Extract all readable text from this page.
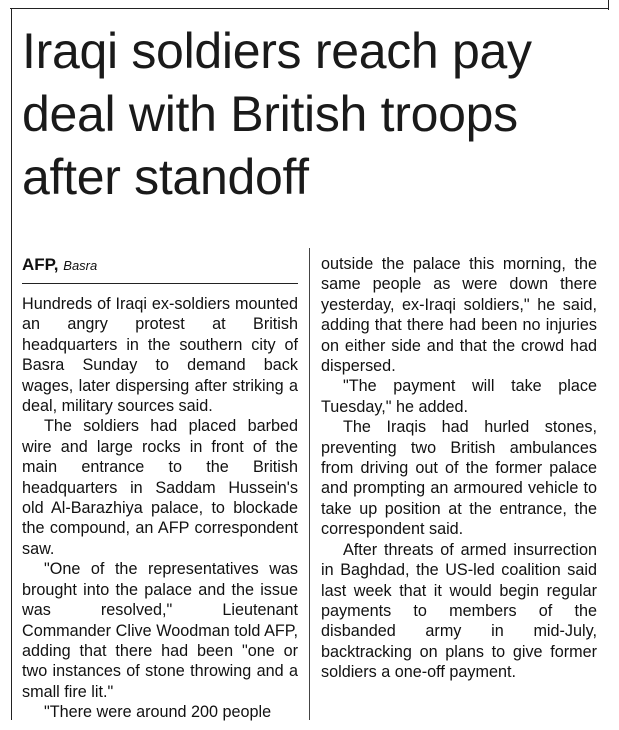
Iraqi soldiers reach pay deal with British troops after standoff
AFP, Basra

Hundreds of Iraqi ex-soldiers mounted an angry protest at British headquarters in the southern city of Basra Sunday to demand back wages, later dispersing after striking a deal, military sources said.

The soldiers had placed barbed wire and large rocks in front of the main entrance to the British headquarters in Saddam Hussein's old Al-Barazhiya palace, to blockade the compound, an AFP correspondent saw.

"One of the representatives was brought into the palace and the issue was resolved," Lieutenant Commander Clive Woodman told AFP, adding that there had been "one or two instances of stone throwing and a small fire lit."

"There were around 200 people

outside the palace this morning, the same people as were down there yesterday, ex-Iraqi soldiers," he said, adding that there had been no injuries on either side and that the crowd had dispersed.

"The payment will take place Tuesday," he added.

The Iraqis had hurled stones, preventing two British ambulances from driving out of the former palace and prompting an armoured vehicle to take up position at the entrance, the correspondent said.

After threats of armed insurrection in Baghdad, the US-led coalition said last week that it would begin regular payments to members of the disbanded army in mid-July, backtracking on plans to give former soldiers a one-off payment.
